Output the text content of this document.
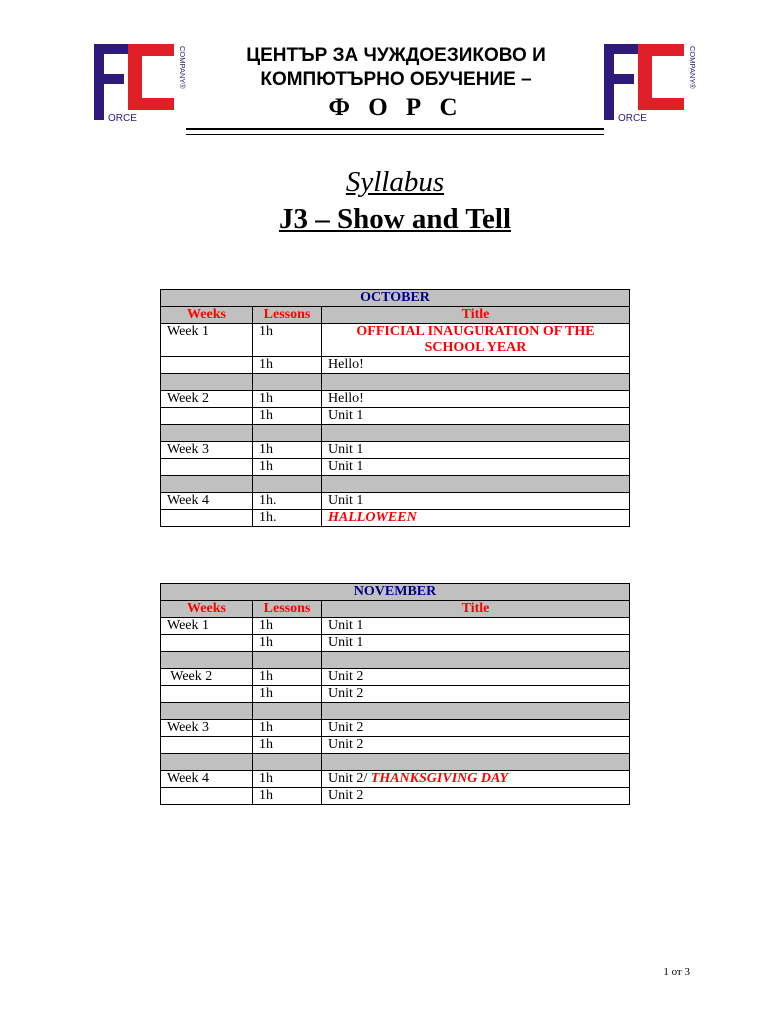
ORCE
COMPANY®	ЦЕНТЪР ЗА ЧУЖДОЕЗИКОВО И
КОМПЮТЪРНО ОБУЧЕНИЕ –
Ф О Р С	ORCE
COMPANY®
Syllabus
J3 – Show and Tell
OCTOBER		
Weeks	Lessons	Title
Week 1	1h	OFFICIAL INAUGURATION OF THE SCHOOL YEAR
	1h	Hello!

Week 2	1h	Hello!
	1h	Unit 1

Week 3	1h	Unit 1
	1h	Unit 1

Week 4	1h.	Unit 1
	1h.	HALLOWEEN
NOVEMBER		
Weeks	Lessons	Title
Week 1	1h	Unit 1
	1h	Unit 1

Week 2	1h	Unit 2
	1h	Unit 2

Week 3	1h	Unit 2
	1h	Unit 2

Week 4	1h	Unit 2/ THANKSGIVING DAY
	1h	Unit 2
1 от 3
